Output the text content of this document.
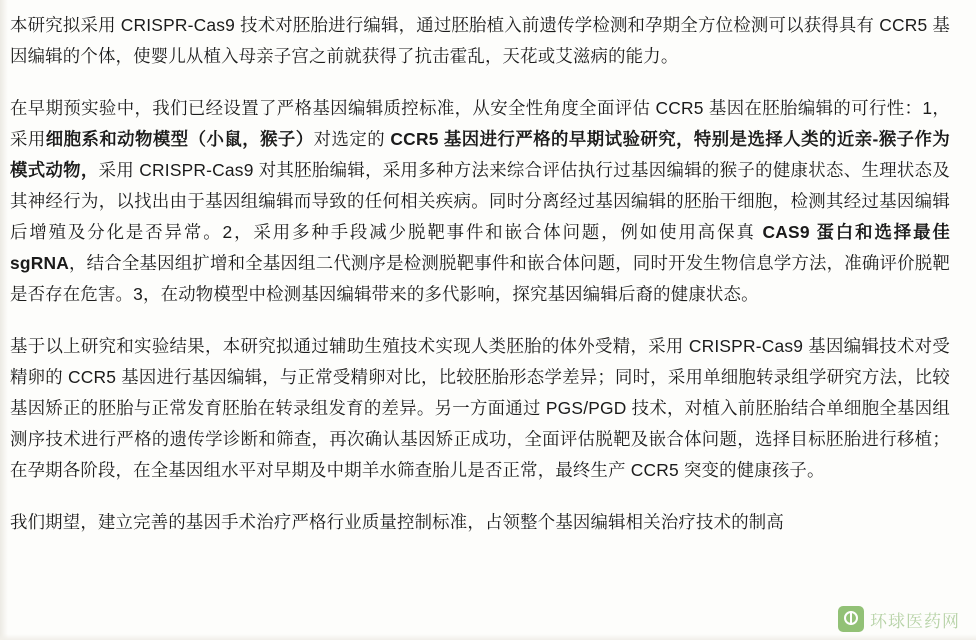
本研究拟采用 CRISPR-Cas9 技术对胚胎进行编辑，通过胚胎植入前遗传学检测和孕期全方位检测可以获得具有 CCR5 基因编辑的个体，使婴儿从植入母亲子宫之前就获得了抗击霍乱，天花或艾滋病的能力。

在早期预实验中，我们已经设置了严格基因编辑质控标准，从安全性角度全面评估 CCR5 基因在胚胎编辑的可行性：1，采用细胞系和动物模型（小鼠，猴子）对选定的 CCR5 基因进行严格的早期试验研究，特别是选择人类的近亲-猴子作为模式动物，采用 CRISPR-Cas9 对其胚胎编辑，采用多种方法来综合评估执行过基因编辑的猴子的健康状态、生理状态及其神经行为，以找出由于基因组编辑而导致的任何相关疾病。同时分离经过基因编辑的胚胎干细胞，检测其经过基因编辑后增殖及分化是否异常。2，采用多种手段减少脱靶事件和嵌合体问题，例如使用高保真 CAS9 蛋白和选择最佳 sgRNA，结合全基因组扩增和全基因组二代测序是检测脱靶事件和嵌合体问题，同时开发生物信息学方法，准确评价脱靶是否存在危害。3，在动物模型中检测基因编辑带来的多代影响，探究基因编辑后裔的健康状态。

基于以上研究和实验结果，本研究拟通过辅助生殖技术实现人类胚胎的体外受精，采用 CRISPR-Cas9 基因编辑技术对受精卵的 CCR5 基因进行基因编辑，与正常受精卵对比，比较胚胎形态学差异；同时，采用单细胞转录组学研究方法，比较基因矫正的胚胎与正常发育胚胎在转录组发育的差异。另一方面通过 PGS/PGD 技术，对植入前胚胎结合单细胞全基因组测序技术进行严格的遗传学诊断和筛查，再次确认基因矫正成功，全面评估脱靶及嵌合体问题，选择目标胚胎进行移植；在孕期各阶段，在全基因组水平对早期及中期羊水筛查胎儿是否正常，最终生产 CCR5 突变的健康孩子。

我们期望，建立完善的基因手术治疗严格行业质量控制标准，占领整个基因编辑相关治疗技术的制高

环球医药网
